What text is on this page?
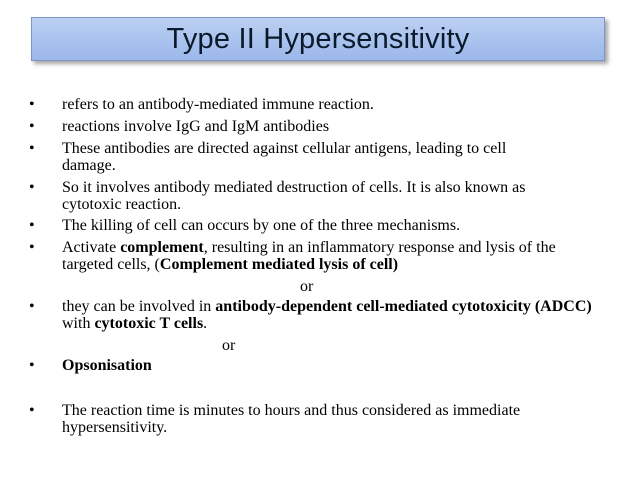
Type II Hypersensitivity
• refers to an antibody-mediated immune reaction.
• reactions involve IgG and IgM antibodies
• These antibodies are directed against cellular antigens, leading to cell damage.
• So it involves antibody mediated destruction of cells. It is also known as cytotoxic reaction.
• The killing of cell can occurs by one of the three mechanisms.
• Activate complement, resulting in an inflammatory response and lysis of the targeted cells, (Complement mediated lysis of cell)
or
• they can be involved in antibody-dependent cell-mediated cytotoxicity (ADCC) with cytotoxic T cells.
or
• Opsonisation
• The reaction time is minutes to hours and thus considered as immediate hypersensitivity.
